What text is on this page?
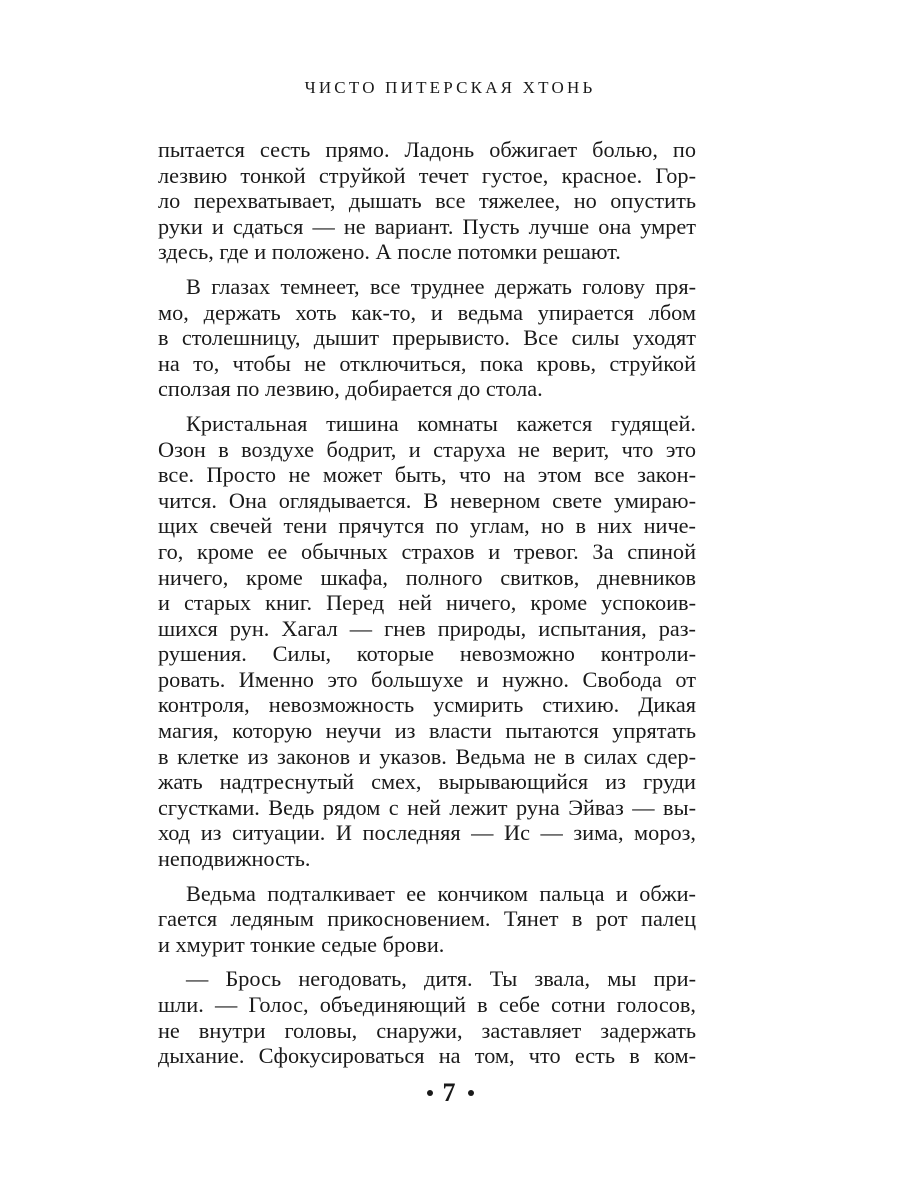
ЧИСТО ПИТЕРСКАЯ ХТОНЬ
пытается сесть прямо. Ладонь обжигает болью, по
лезвию тонкой струйкой течет густое, красное. Гор-
ло перехватывает, дышать все тяжелее, но опустить
руки и сдаться — не вариант. Пусть лучше она умрет
здесь, где и положено. А после потомки решают.
В глазах темнеет, все труднее держать голову пря-
мо, держать хоть как-то, и ведьма упирается лбом
в столешницу, дышит прерывисто. Все силы уходят
на то, чтобы не отключиться, пока кровь, струйкой
сползая по лезвию, добирается до стола.
Кристальная тишина комнаты кажется гудящей.
Озон в воздухе бодрит, и старуха не верит, что это
все. Просто не может быть, что на этом все закон-
чится. Она оглядывается. В неверном свете умираю-
щих свечей тени прячутся по углам, но в них ниче-
го, кроме ее обычных страхов и тревог. За спиной
ничего, кроме шкафа, полного свитков, дневников
и старых книг. Перед ней ничего, кроме успокоив-
шихся рун. Хагал — гнев природы, испытания, раз-
рушения. Силы, которые невозможно контроли-
ровать. Именно это большухе и нужно. Свобода от
контроля, невозможность усмирить стихию. Дикая
магия, которую неучи из власти пытаются упрятать
в клетке из законов и указов. Ведьма не в силах сдер-
жать надтреснутый смех, вырывающийся из груди
сгустками. Ведь рядом с ней лежит руна Эйваз — вы-
ход из ситуации. И последняя — Ис — зима, мороз,
неподвижность.
Ведьма подталкивает ее кончиком пальца и обжи-
гается ледяным прикосновением. Тянет в рот палец
и хмурит тонкие седые брови.
— Брось негодовать, дитя. Ты звала, мы при-
шли. — Голос, объединяющий в себе сотни голосов,
не внутри головы, снаружи, заставляет задержать
дыхание. Сфокусироваться на том, что есть в ком-
7
